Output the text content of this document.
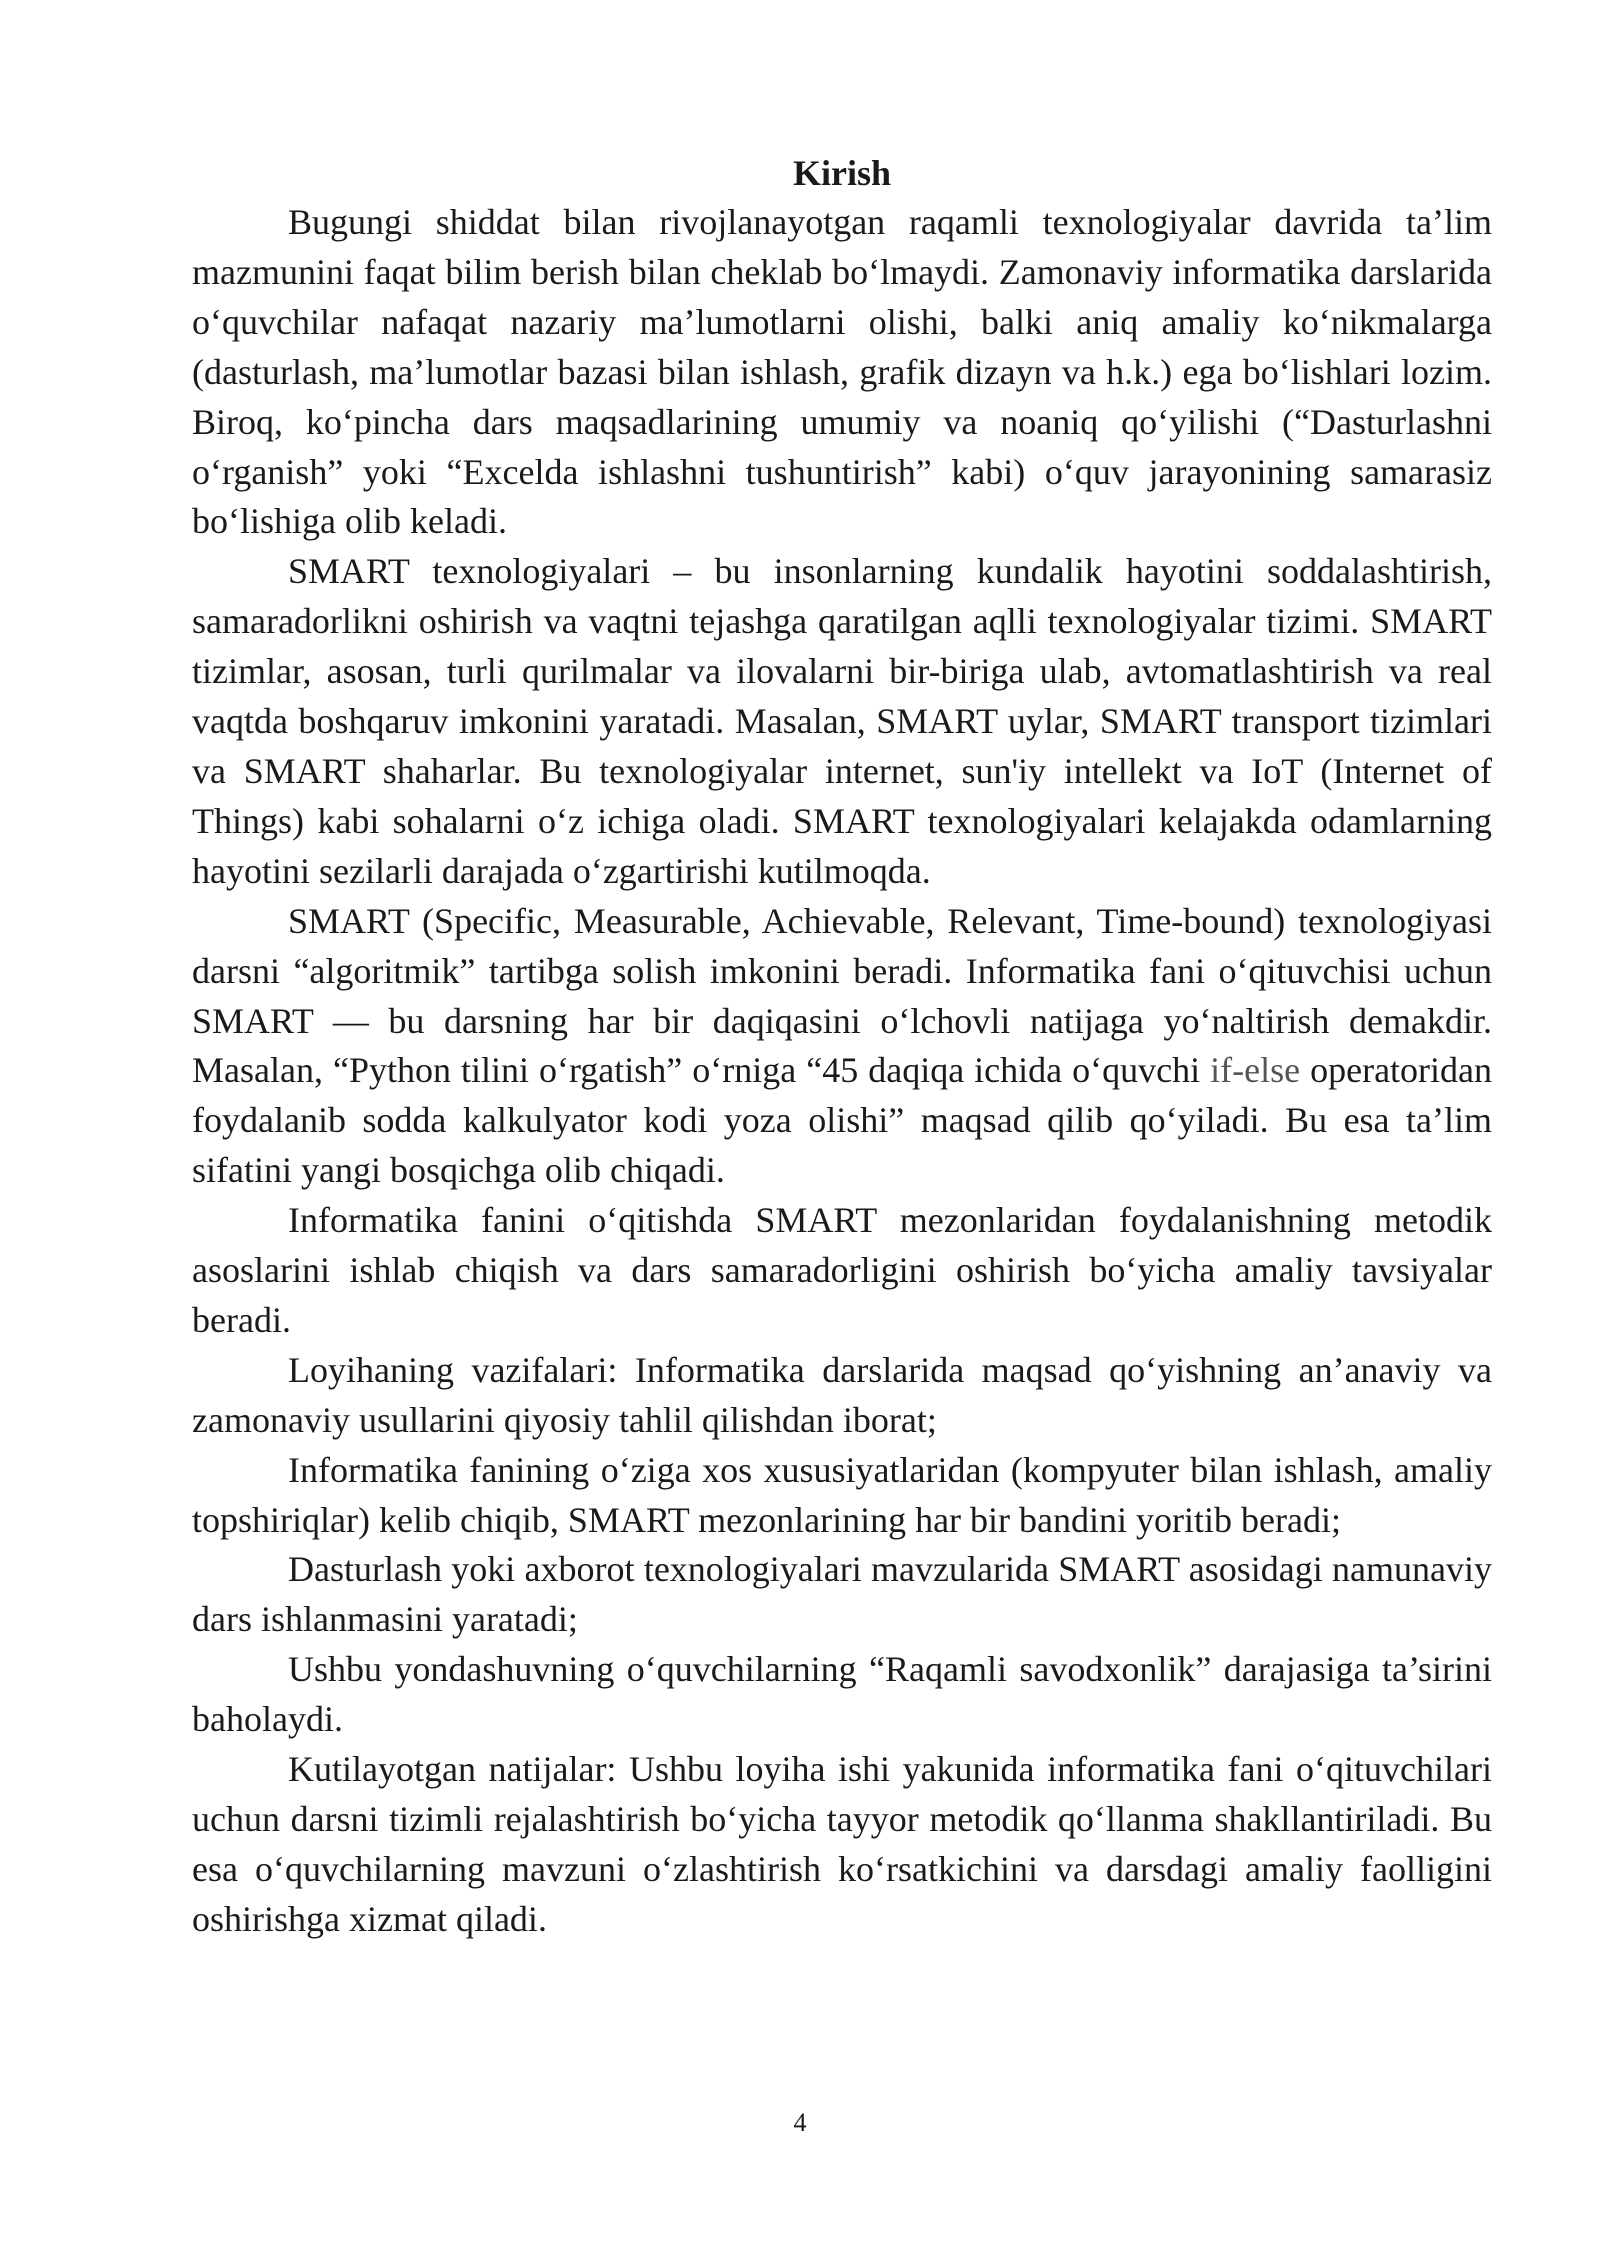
Kirish

Bugungi shiddat bilan rivojlanayotgan raqamli texnologiyalar davrida ta’lim mazmunini faqat bilim berish bilan cheklab bo‘lmaydi. Zamonaviy informatika darslarida o‘quvchilar nafaqat nazariy ma’lumotlarni olishi, balki aniq amaliy ko‘nikmalarga (dasturlash, ma’lumotlar bazasi bilan ishlash, grafik dizayn va h.k.) ega bo‘lishlari lozim. Biroq, ko‘pincha dars maqsadlarining umumiy va noaniq qo‘yilishi (“Dasturlashni o‘rganish” yoki “Excelda ishlashni tushuntirish” kabi) o‘quv jarayonining samarasiz bo‘lishiga olib keladi.

SMART texnologiyalari – bu insonlarning kundalik hayotini soddalashtirish, samaradorlikni oshirish va vaqtni tejashga qaratilgan aqlli texnologiyalar tizimi. SMART tizimlar, asosan, turli qurilmalar va ilovalarni bir-biriga ulab, avtomatlashtirish va real vaqtda boshqaruv imkonini yaratadi. Masalan, SMART uylar, SMART transport tizimlari va SMART shaharlar. Bu texnologiyalar internet, sun'iy intellekt va IoT (Internet of Things) kabi sohalarni o‘z ichiga oladi. SMART texnologiyalari kelajakda odamlarning hayotini sezilarli darajada o‘zgartirishi kutilmoqda.

SMART (Specific, Measurable, Achievable, Relevant, Time-bound) texnologiyasi darsni “algoritmik” tartibga solish imkonini beradi. Informatika fani o‘qituvchisi uchun SMART — bu darsning har bir daqiqasini o‘lchovli natijaga yo‘naltirish demakdir. Masalan, “Python tilini o‘rgatish” o‘rniga “45 daqiqa ichida o‘quvchi if-else operatoridan foydalanib sodda kalkulyator kodi yoza olishi” maqsad qilib qo‘yiladi. Bu esa ta’lim sifatini yangi bosqichga olib chiqadi.

Informatika fanini o‘qitishda SMART mezonlaridan foydalanishning metodik asoslarini ishlab chiqish va dars samaradorligini oshirish bo‘yicha amaliy tavsiyalar beradi.

Loyihaning vazifalari: Informatika darslarida maqsad qo‘yishning an’anaviy va zamonaviy usullarini qiyosiy tahlil qilishdan iborat;

Informatika fanining o‘ziga xos xususiyatlaridan (kompyuter bilan ishlash, amaliy topshiriqlar) kelib chiqib, SMART mezonlarining har bir bandini yoritib beradi;

Dasturlash yoki axborot texnologiyalari mavzularida SMART asosidagi namunaviy dars ishlanmasini yaratadi;

Ushbu yondashuvning o‘quvchilarning “Raqamli savodxonlik” darajasiga ta’sirini baholaydi.

Kutilayotgan natijalar: Ushbu loyiha ishi yakunida informatika fani o‘qituvchilari uchun darsni tizimli rejalashtirish bo‘yicha tayyor metodik qo‘llanma shakllantiriladi. Bu esa o‘quvchilarning mavzuni o‘zlashtirish ko‘rsatkichini va darsdagi amaliy faolligini oshirishga xizmat qiladi.

4
